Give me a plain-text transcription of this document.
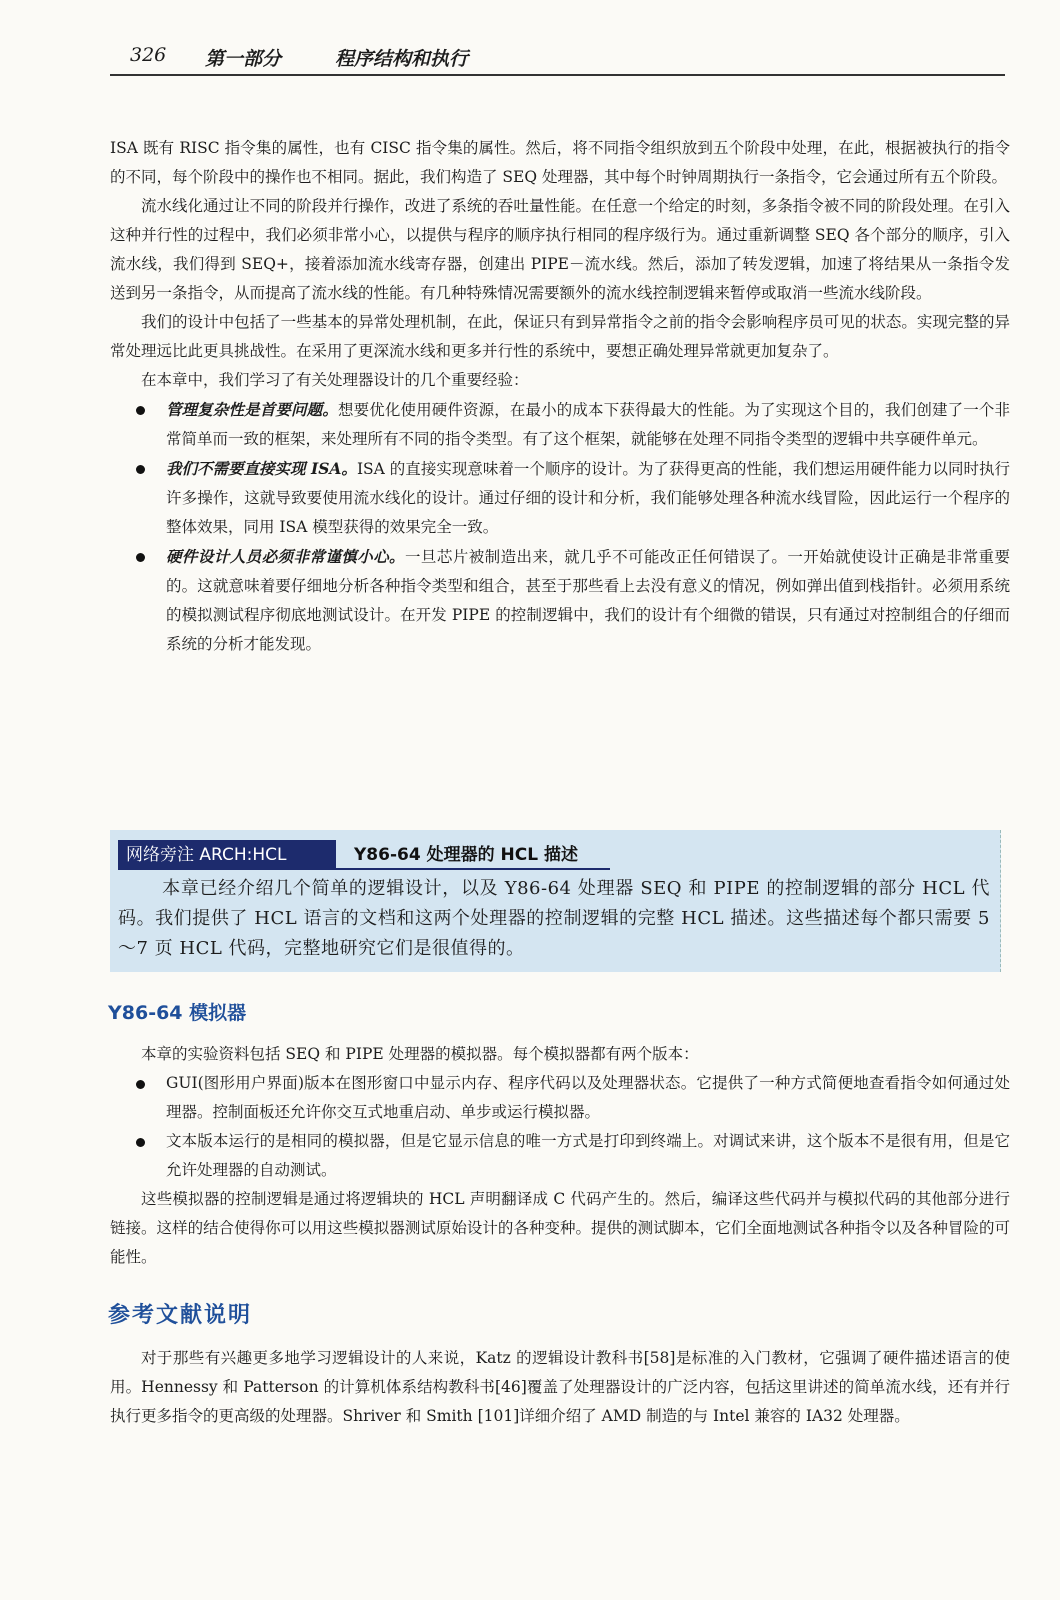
326 第一部分	程序结构和执行

ISA 既有 RISC 指令集的属性，也有 CISC 指令集的属性。然后，将不同指令组织放到五个阶段中处理，在此，根据被执行的指令的不同，每个阶段中的操作也不相同。据此，我们构造了 SEQ 处理器，其中每个时钟周期执行一条指令，它会通过所有五个阶段。

流水线化通过让不同的阶段并行操作，改进了系统的吞吐量性能。在任意一个给定的时刻，多条指令被不同的阶段处理。在引入这种并行性的过程中，我们必须非常小心，以提供与程序的顺序执行相同的程序级行为。通过重新调整 SEQ 各个部分的顺序，引入流水线，我们得到 SEQ+，接着添加流水线寄存器，创建出 PIPE－流水线。然后，添加了转发逻辑，加速了将结果从一条指令发送到另一条指令，从而提高了流水线的性能。有几种特殊情况需要额外的流水线控制逻辑来暂停或取消一些流水线阶段。

我们的设计中包括了一些基本的异常处理机制，在此，保证只有到异常指令之前的指令会影响程序员可见的状态。实现完整的异常处理远比此更具挑战性。在采用了更深流水线和更多并行性的系统中，要想正确处理异常就更加复杂了。

在本章中，我们学习了有关处理器设计的几个重要经验：

管理复杂性是首要问题。想要优化使用硬件资源，在最小的成本下获得最大的性能。为了实现这个目的，我们创建了一个非常简单而一致的框架，来处理所有不同的指令类型。有了这个框架，就能够在处理不同指令类型的逻辑中共享硬件单元。
我们不需要直接实现 ISA。ISA 的直接实现意味着一个顺序的设计。为了获得更高的性能，我们想运用硬件能力以同时执行许多操作，这就导致要使用流水线化的设计。通过仔细的设计和分析，我们能够处理各种流水线冒险，因此运行一个程序的整体效果，同用 ISA 模型获得的效果完全一致。
硬件设计人员必须非常谨慎小心。一旦芯片被制造出来，就几乎不可能改正任何错误了。一开始就使设计正确是非常重要的。这就意味着要仔细地分析各种指令类型和组合，甚至于那些看上去没有意义的情况，例如弹出值到栈指针。必须用系统的模拟测试程序彻底地测试设计。在开发 PIPE 的控制逻辑中，我们的设计有个细微的错误，只有通过对控制组合的仔细而系统的分析才能发现。
网络旁注 ARCH:HCL	Y86-64 处理器的 HCL 描述
本章已经介绍几个简单的逻辑设计，以及 Y86-64 处理器 SEQ 和 PIPE 的控制逻辑的部分 HCL 代码。我们提供了 HCL 语言的文档和这两个处理器的控制逻辑的完整 HCL 描述。这些描述每个都只需要 5～7 页 HCL 代码，完整地研究它们是很值得的。
Y86-64 模拟器

本章的实验资料包括 SEQ 和 PIPE 处理器的模拟器。每个模拟器都有两个版本：

GUI(图形用户界面)版本在图形窗口中显示内存、程序代码以及处理器状态。它提供了一种方式简便地查看指令如何通过处理器。控制面板还允许你交互式地重启动、单步或运行模拟器。
文本版本运行的是相同的模拟器，但是它显示信息的唯一方式是打印到终端上。对调试来讲，这个版本不是很有用，但是它允许处理器的自动测试。

这些模拟器的控制逻辑是通过将逻辑块的 HCL 声明翻译成 C 代码产生的。然后，编译这些代码并与模拟代码的其他部分进行链接。这样的结合使得你可以用这些模拟器测试原始设计的各种变种。提供的测试脚本，它们全面地测试各种指令以及各种冒险的可能性。

参考文献说明

对于那些有兴趣更多地学习逻辑设计的人来说，Katz 的逻辑设计教科书[58]是标准的入门教材，它强调了硬件描述语言的使用。Hennessy 和 Patterson 的计算机体系结构教科书[46]覆盖了处理器设计的广泛内容，包括这里讲述的简单流水线，还有并行执行更多指令的更高级的处理器。Shriver 和 Smith [101]详细介绍了 AMD 制造的与 Intel 兼容的 IA32 处理器。
